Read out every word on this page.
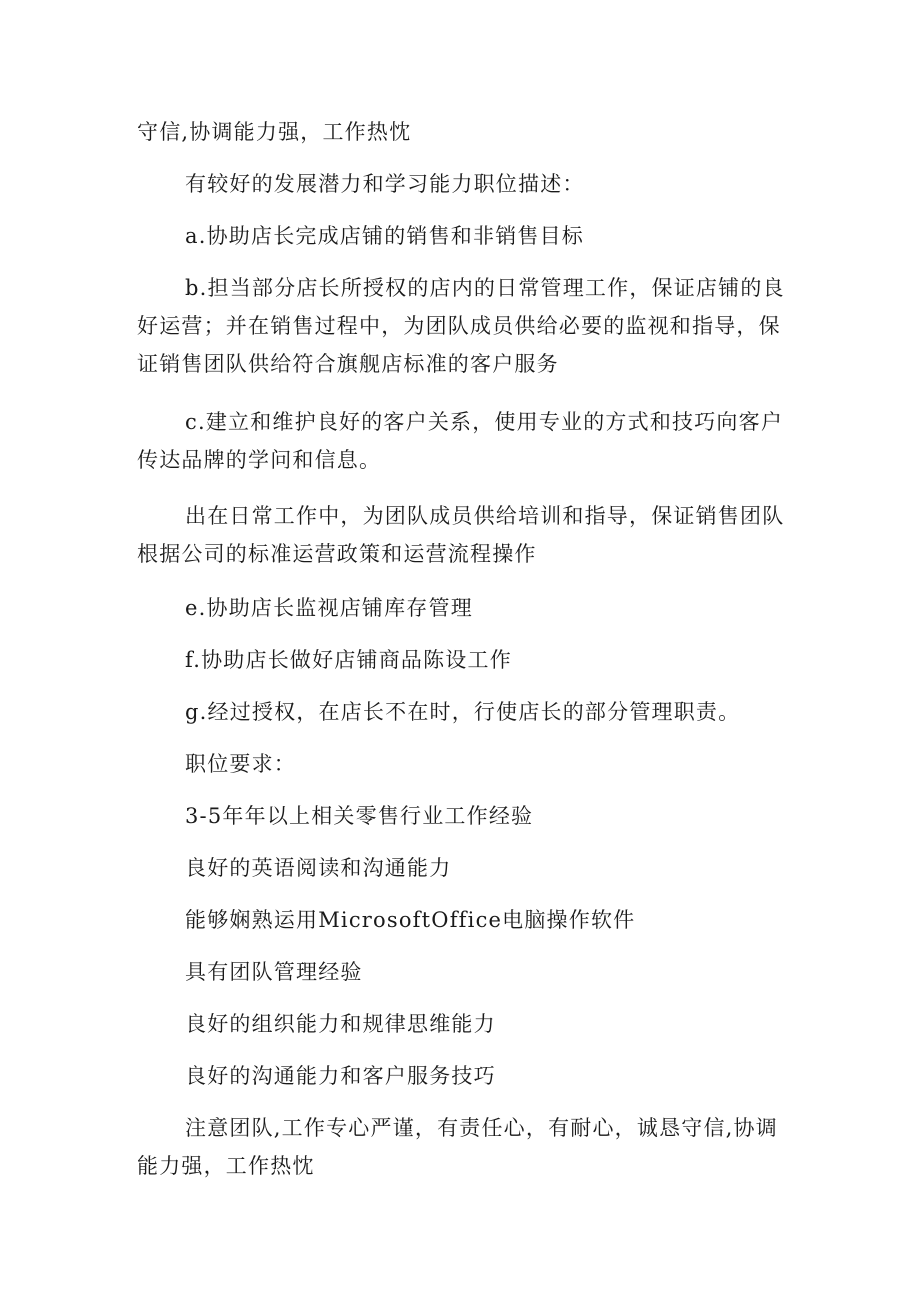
守信,协调能力强，工作热忱

有较好的发展潜力和学习能力职位描述：

a.协助店长完成店铺的销售和非销售目标

b.担当部分店长所授权的店内的日常管理工作，保证店铺的良好运营；并在销售过程中，为团队成员供给必要的监视和指导，保证销售团队供给符合旗舰店标准的客户服务

c.建立和维护良好的客户关系，使用专业的方式和技巧向客户传达品牌的学问和信息。

出在日常工作中，为团队成员供给培训和指导，保证销售团队根据公司的标准运营政策和运营流程操作

e.协助店长监视店铺库存管理

f.协助店长做好店铺商品陈设工作

g.经过授权，在店长不在时，行使店长的部分管理职责。

职位要求：

3-5年年以上相关零售行业工作经验

良好的英语阅读和沟通能力

能够娴熟运用MicrosoftOffice电脑操作软件

具有团队管理经验

良好的组织能力和规律思维能力

良好的沟通能力和客户服务技巧

注意团队,工作专心严谨，有责任心，有耐心，诚恳守信,协调能力强，工作热忱
